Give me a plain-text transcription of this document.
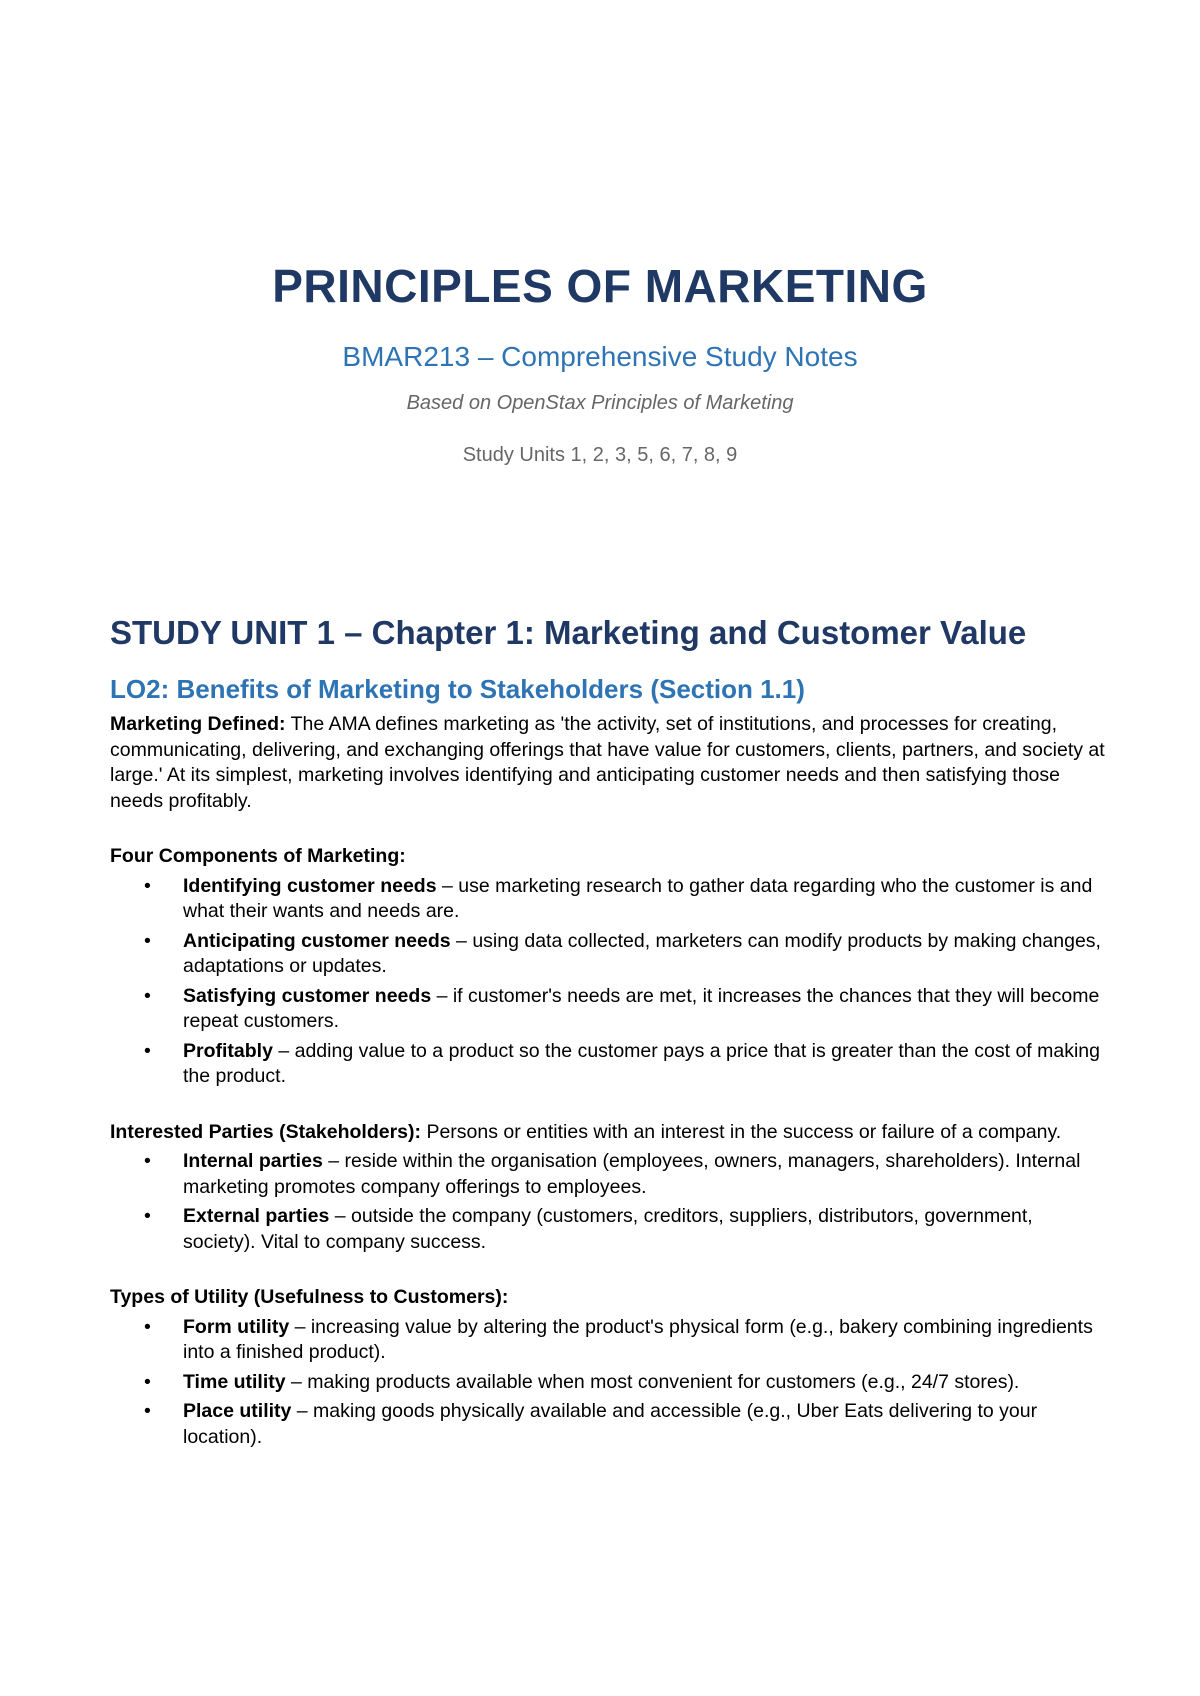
PRINCIPLES OF MARKETING

BMAR213 – Comprehensive Study Notes

Based on OpenStax Principles of Marketing

Study Units 1, 2, 3, 5, 6, 7, 8, 9

STUDY UNIT 1 – Chapter 1: Marketing and Customer Value
LO2: Benefits of Marketing to Stakeholders (Section 1.1)

Marketing Defined: The AMA defines marketing as 'the activity, set of institutions, and processes for creating, communicating, delivering, and exchanging offerings that have value for customers, clients, partners, and society at large.' At its simplest, marketing involves identifying and anticipating customer needs and then satisfying those needs profitably.

Four Components of Marketing:

• Identifying customer needs – use marketing research to gather data regarding who the customer is and what their wants and needs are.
• Anticipating customer needs – using data collected, marketers can modify products by making changes, adaptations or updates.
• Satisfying customer needs – if customer's needs are met, it increases the chances that they will become repeat customers.
• Profitably – adding value to a product so the customer pays a price that is greater than the cost of making the product.

Interested Parties (Stakeholders): Persons or entities with an interest in the success or failure of a company.

• Internal parties – reside within the organisation (employees, owners, managers, shareholders). Internal marketing promotes company offerings to employees.
• External parties – outside the company (customers, creditors, suppliers, distributors, government, society). Vital to company success.

Types of Utility (Usefulness to Customers):

• Form utility – increasing value by altering the product's physical form (e.g., bakery combining ingredients into a finished product).
• Time utility – making products available when most convenient for customers (e.g., 24/7 stores).
• Place utility – making goods physically available and accessible (e.g., Uber Eats delivering to your location).
